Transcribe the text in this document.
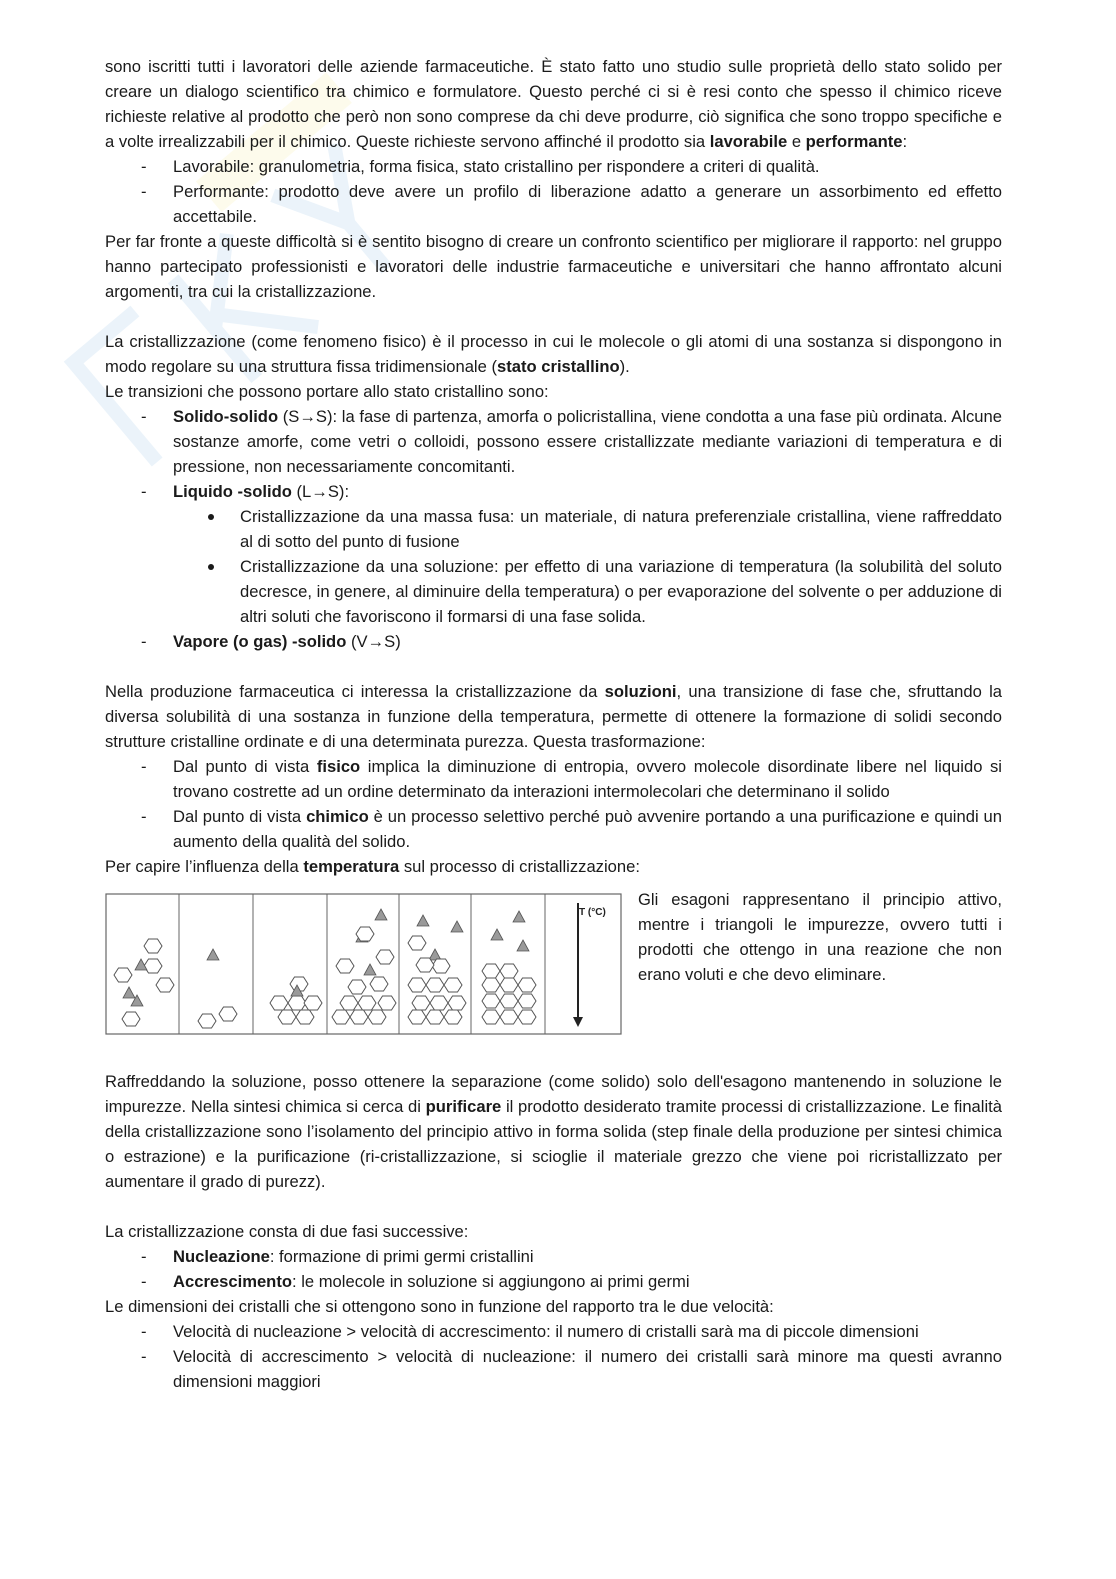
sono iscritti tutti i lavoratori delle aziende farmaceutiche. È stato fatto uno studio sulle proprietà dello stato solido per creare un dialogo scientifico tra chimico e formulatore. Questo perché ci si è resi conto che spesso il chimico riceve richieste relative al prodotto che però non sono comprese da chi deve produrre, ciò significa che sono troppo specifiche e a volte irrealizzabili per il chimico. Queste richieste servono affinché il prodotto sia lavorabile e performante:

- Lavorabile: granulometria, forma fisica, stato cristallino per rispondere a criteri di qualità.
- Performante: prodotto deve avere un profilo di liberazione adatto a generare un assorbimento ed effetto accettabile.

Per far fronte a queste difficoltà si è sentito bisogno di creare un confronto scientifico per migliorare il rapporto: nel gruppo hanno partecipato professionisti e lavoratori delle industrie farmaceutiche e universitari che hanno affrontato alcuni argomenti, tra cui la cristallizzazione.

La cristallizzazione (come fenomeno fisico) è il processo in cui le molecole o gli atomi di una sostanza si dispongono in modo regolare su una struttura fissa tridimensionale (stato cristallino).

Le transizioni che possono portare allo stato cristallino sono:

- Solido-solido (S→S): la fase di partenza, amorfa o policristallina, viene condotta a una fase più ordinata. Alcune sostanze amorfe, come vetri o colloidi, possono essere cristallizzate mediante variazioni di temperatura e di pressione, non necessariamente concomitanti.
- Liquido -solido (L→S):
Cristallizzazione da una massa fusa: un materiale, di natura preferenziale cristallina, viene raffreddato al di sotto del punto di fusione
Cristallizzazione da una soluzione: per effetto di una variazione di temperatura (la solubilità del soluto decresce, in genere, al diminuire della temperatura) o per evaporazione del solvente o per adduzione di altri soluti che favoriscono il formarsi di una fase solida.
- Vapore (o gas) -solido (V→S)

Nella produzione farmaceutica ci interessa la cristallizzazione da soluzioni, una transizione di fase che, sfruttando la diversa solubilità di una sostanza in funzione della temperatura, permette di ottenere la formazione di solidi secondo strutture cristalline ordinate e di una determinata purezza. Questa trasformazione:

- Dal punto di vista fisico implica la diminuzione di entropia, ovvero molecole disordinate libere nel liquido si trovano costrette ad un ordine determinato da interazioni intermolecolari che determinano il solido
- Dal punto di vista chimico è un processo selettivo perché può avvenire portando a una purificazione e quindi un aumento della qualità del solido.

Per capire l’influenza della temperatura sul processo di cristallizzazione:

T (°C)

Gli esagoni rappresentano il principio attivo, mentre i triangoli le impurezze, ovvero tutti i prodotti che ottengo in una reazione che non erano voluti e che devo eliminare.

Raffreddando la soluzione, posso ottenere la separazione (come solido) solo dell'esagono mantenendo in soluzione le impurezze. Nella sintesi chimica si cerca di purificare il prodotto desiderato tramite processi di cristallizzazione. Le finalità della cristallizzazione sono l’isolamento del principio attivo in forma solida (step finale della produzione per sintesi chimica o estrazione) e la purificazione (ri-cristallizzazione, si scioglie il materiale grezzo che viene poi ricristallizzato per aumentare il grado di purezz).

La cristallizzazione consta di due fasi successive:

- Nucleazione: formazione di primi germi cristallini
- Accrescimento: le molecole in soluzione si aggiungono ai primi germi

Le dimensioni dei cristalli che si ottengono sono in funzione del rapporto tra le due velocità:

- Velocità di nucleazione > velocità di accrescimento: il numero di cristalli sarà ma di piccole dimensioni
- Velocità di accrescimento > velocità di nucleazione: il numero dei cristalli sarà minore ma questi avranno dimensioni maggiori
